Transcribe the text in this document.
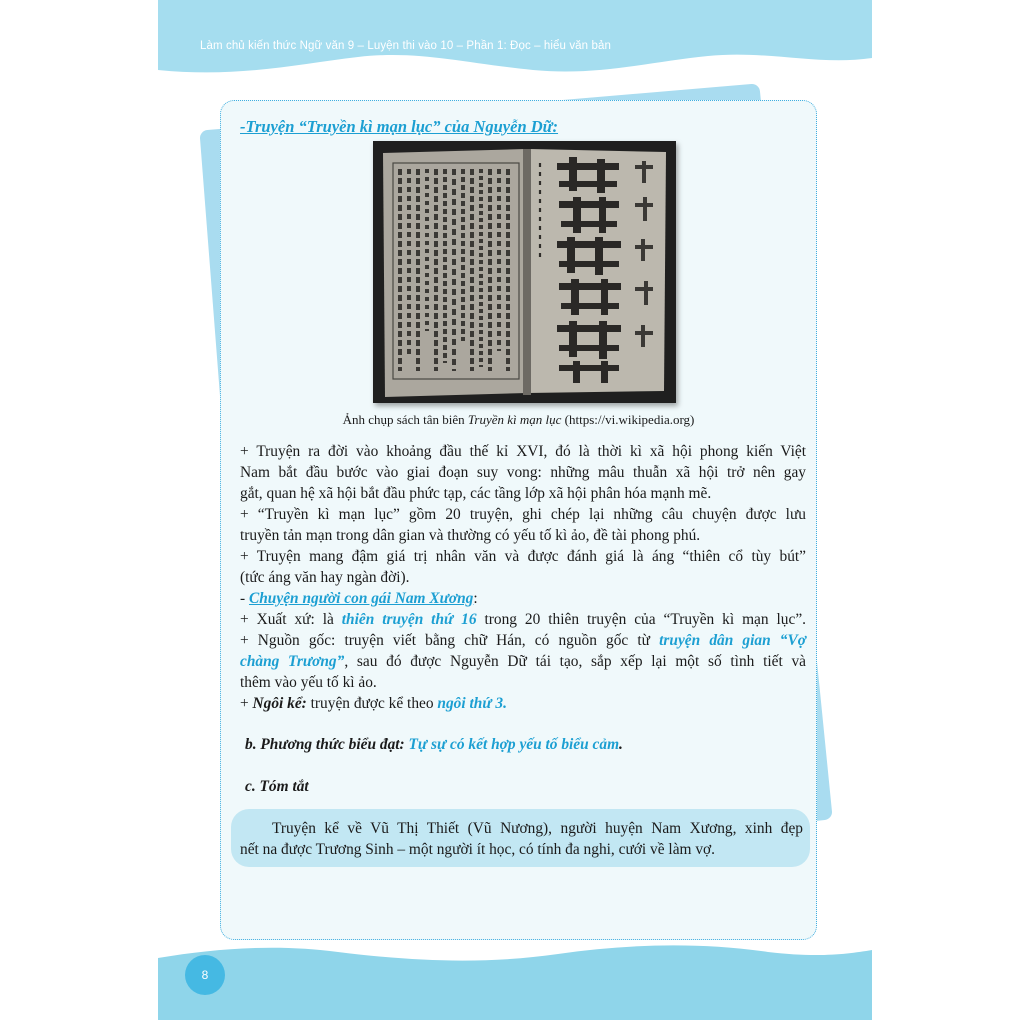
Làm chủ kiến thức Ngữ văn 9 – Luyện thi vào 10 – Phần 1: Đọc – hiểu văn bản
-Truyện “Truyền kì mạn lục” của Nguyễn Dữ:
Ảnh chụp sách tân biên Truyền kì mạn lục (https://vi.wikipedia.org)
+ Truyện ra đời vào khoảng đầu thế kỉ XVI, đó là thời kì xã hội phong kiến Việt
Nam bắt đầu bước vào giai đoạn suy vong: những mâu thuẫn xã hội trở nên gay
gắt, quan hệ xã hội bắt đầu phức tạp, các tầng lớp xã hội phân hóa mạnh mẽ.
+ “Truyền kì mạn lục” gồm 20 truyện, ghi chép lại những câu chuyện được lưu
truyền tản mạn trong dân gian và thường có yếu tố kì ảo, đề tài phong phú.
+ Truyện mang đậm giá trị nhân văn và được đánh giá là áng “thiên cổ tùy bút”
(tức áng văn hay ngàn đời).
- Chuyện người con gái Nam Xương:
+ Xuất xứ: là thiên truyện thứ 16 trong 20 thiên truyện của “Truyền kì mạn lục”.
+ Nguồn gốc: truyện viết bằng chữ Hán, có nguồn gốc từ truyện dân gian “Vợ
chàng Trương”, sau đó được Nguyễn Dữ tái tạo, sắp xếp lại một số tình tiết và
thêm vào yếu tố kì ảo.
+ Ngôi kể: truyện được kể theo ngôi thứ 3.
b. Phương thức biểu đạt: Tự sự có kết hợp yếu tố biểu cảm.
c. Tóm tắt
Truyện kể về Vũ Thị Thiết (Vũ Nương), người huyện Nam Xương, xinh đẹp
nết na được Trương Sinh – một người ít học, có tính đa nghi, cưới về làm vợ.
8
